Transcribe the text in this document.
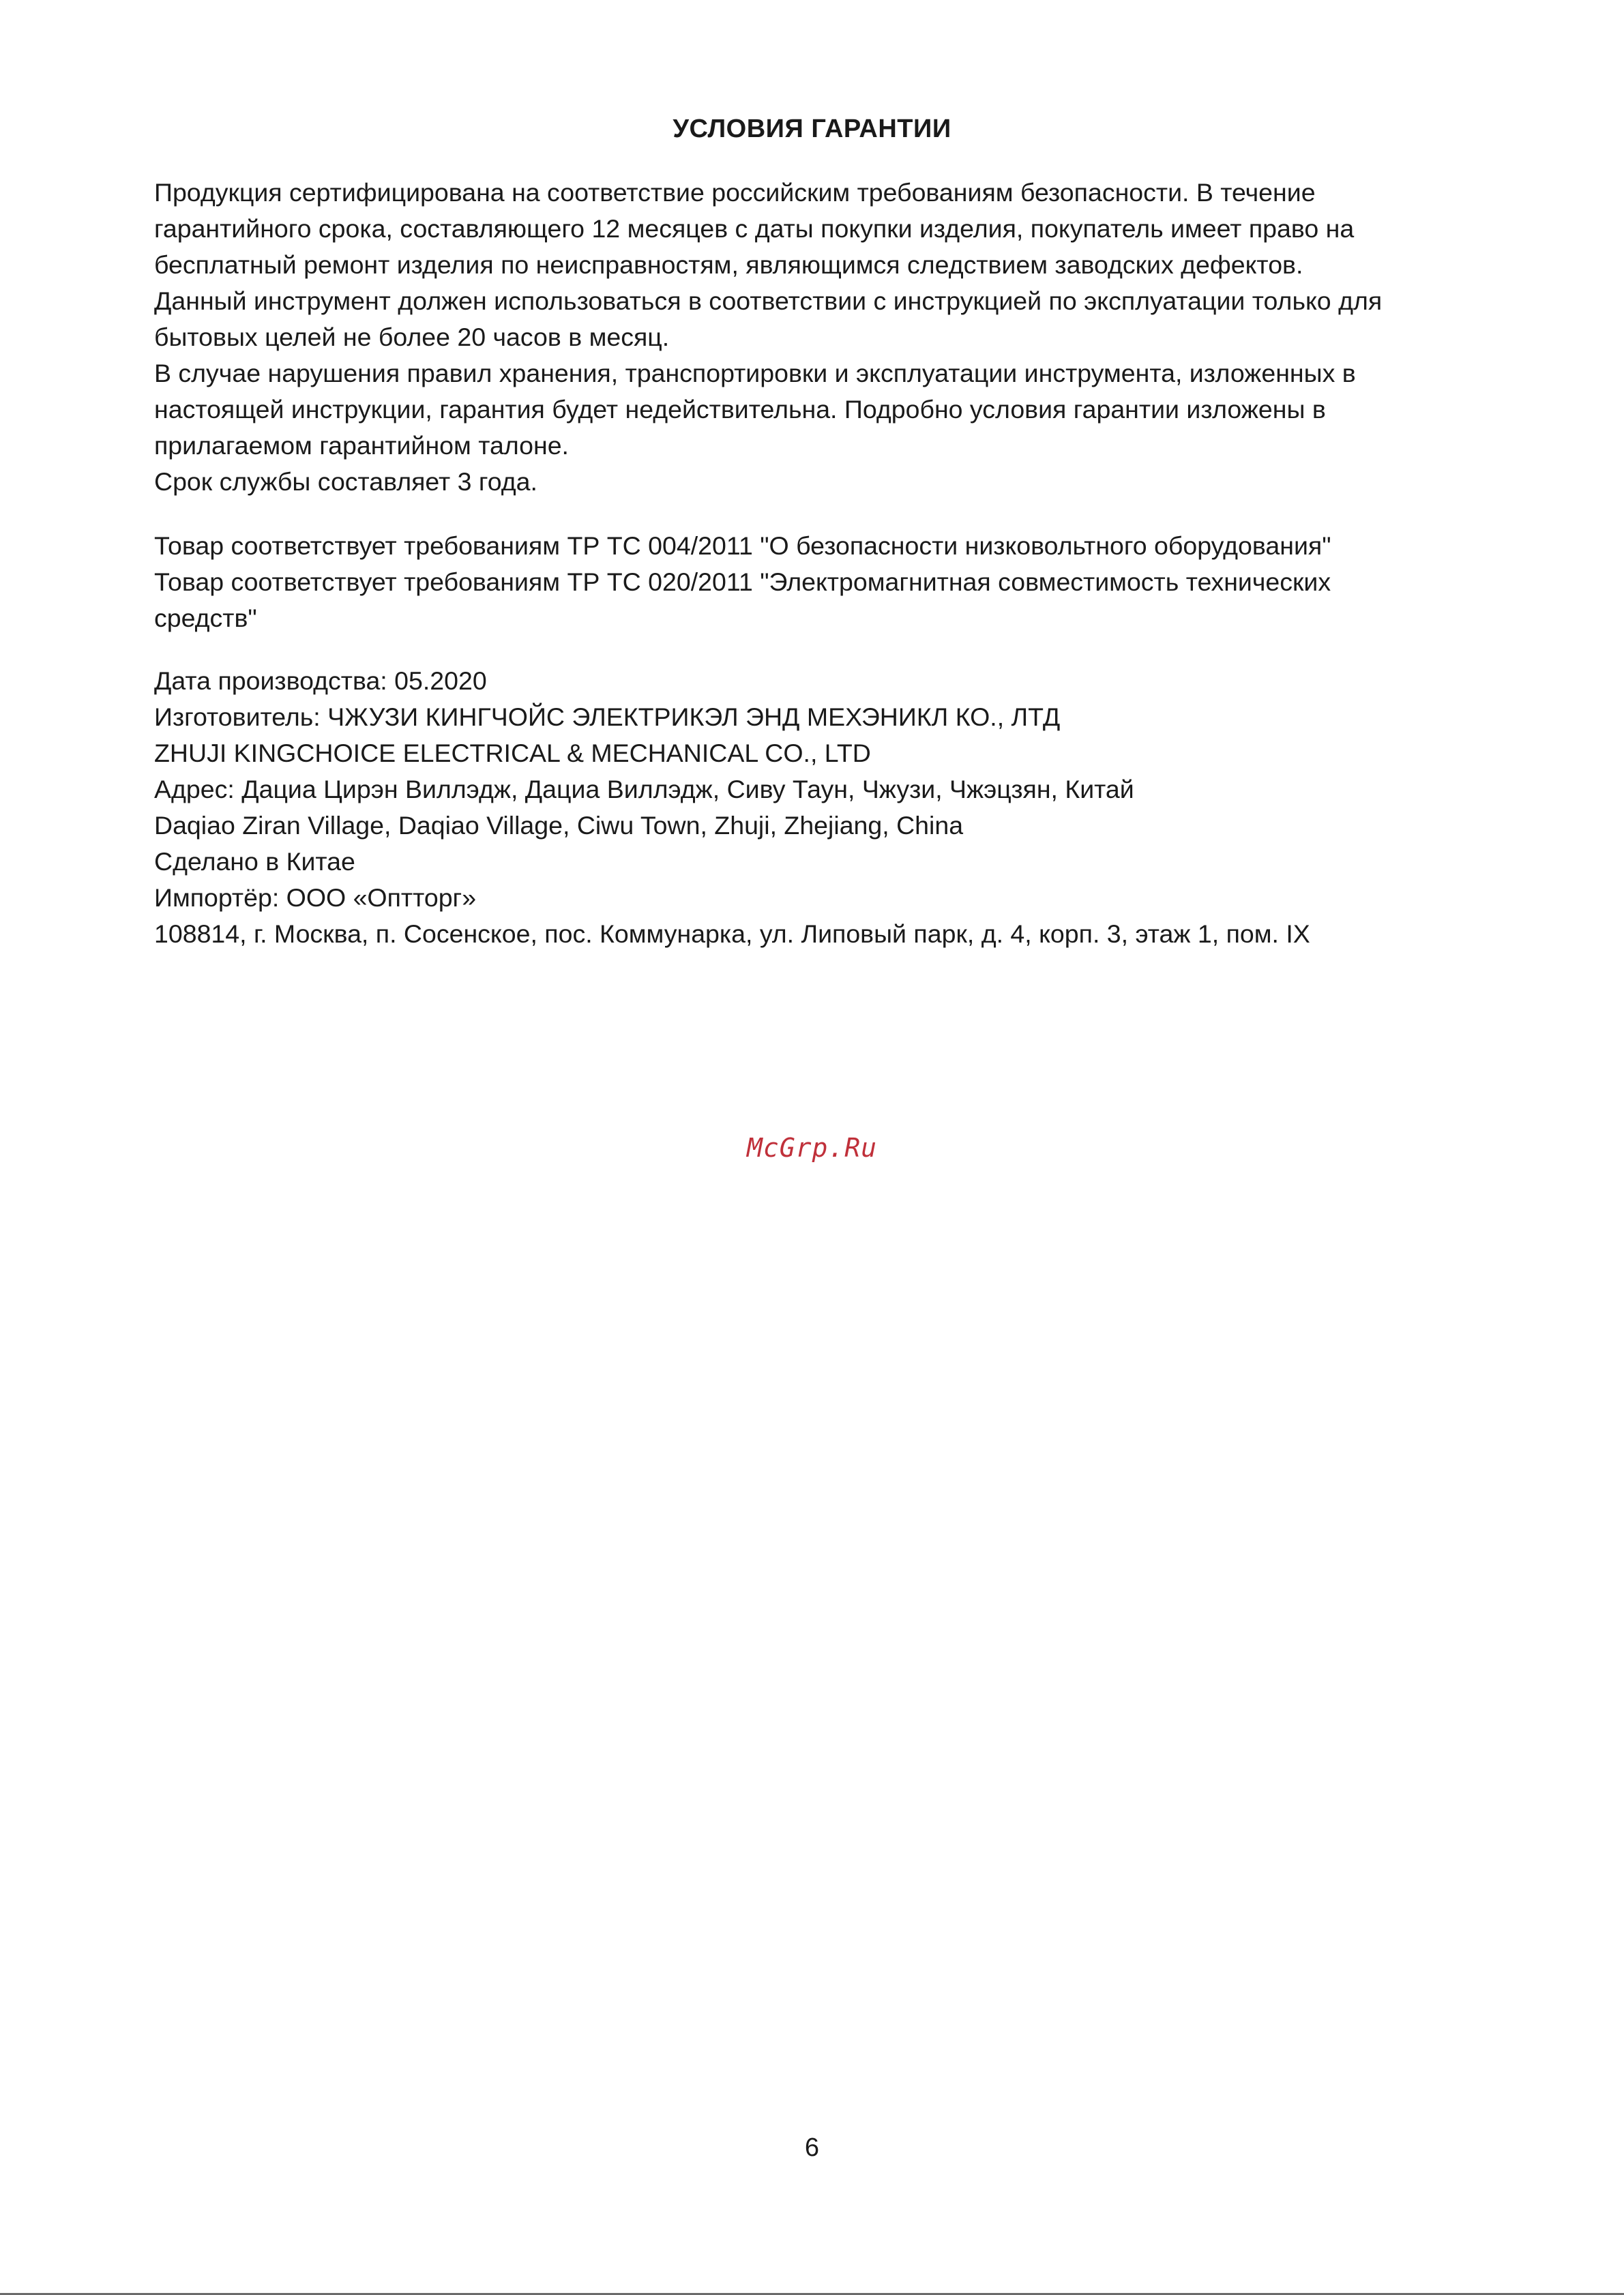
УСЛОВИЯ ГАРАНТИИ

Продукция сертифицирована на соответствие российским требованиям безопасности. В течение

гарантийного срока, составляющего 12 месяцев с даты покупки изделия, покупатель имеет право на

бесплатный ремонт изделия по неисправностям, являющимся следствием заводских дефектов.

Данный инструмент должен использоваться в соответствии с инструкцией по эксплуатации только для

бытовых целей не более 20 часов в месяц.

В случае нарушения правил хранения, транспортировки и эксплуатации инструмента, изложенных в

настоящей инструкции, гарантия будет недействительна. Подробно условия гарантии изложены в

прилагаемом гарантийном талоне.

Срок службы составляет 3 года.

Товар соответствует требованиям ТР ТС 004/2011 "О безопасности низковольтного оборудования"

Товар соответствует требованиям ТР ТС 020/2011 "Электромагнитная совместимость технических

средств"

Дата производства: 05.2020

Изготовитель: ЧЖУЗИ КИНГЧОЙС ЭЛЕКТРИКЭЛ ЭНД МЕХЭНИКЛ КО., ЛТД

ZHUJI KINGCHOICE ELECTRICAL & MECHANICAL CO., LTD

Адрес: Дациа Цирэн Виллэдж, Дациа Виллэдж, Сиву Таун, Чжузи, Чжэцзян, Китай

Daqiao Ziran Village, Daqiao Village, Ciwu Town, Zhuji, Zhejiang, China

Сделано в Китае

Импортёр: ООО «Оптторг»

108814, г. Москва, п. Сосенское, пос. Коммунарка, ул. Липовый парк, д. 4, корп. 3, этаж 1, пом. IX

McGrp.Ru
6
